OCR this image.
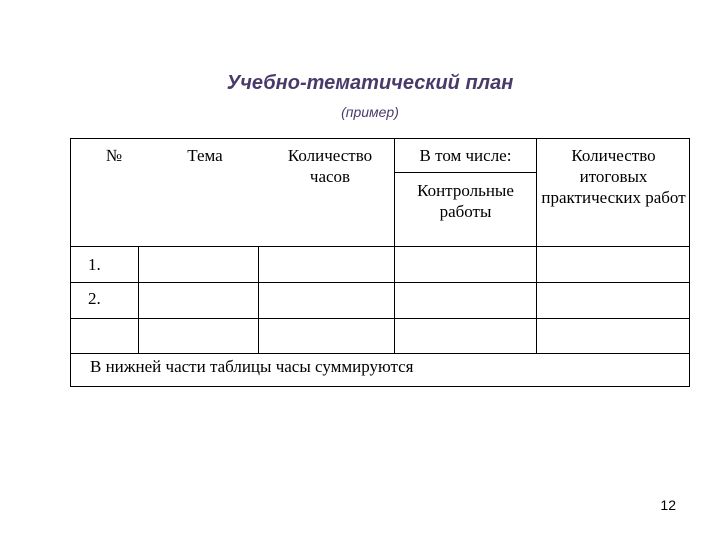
Учебно-тематический план
(пример)
№	Тема	Количество часов
В том числе:
Контрольные работы
Количество итоговых практических работ
1.
2.
В нижней части таблицы часы суммируются
12
